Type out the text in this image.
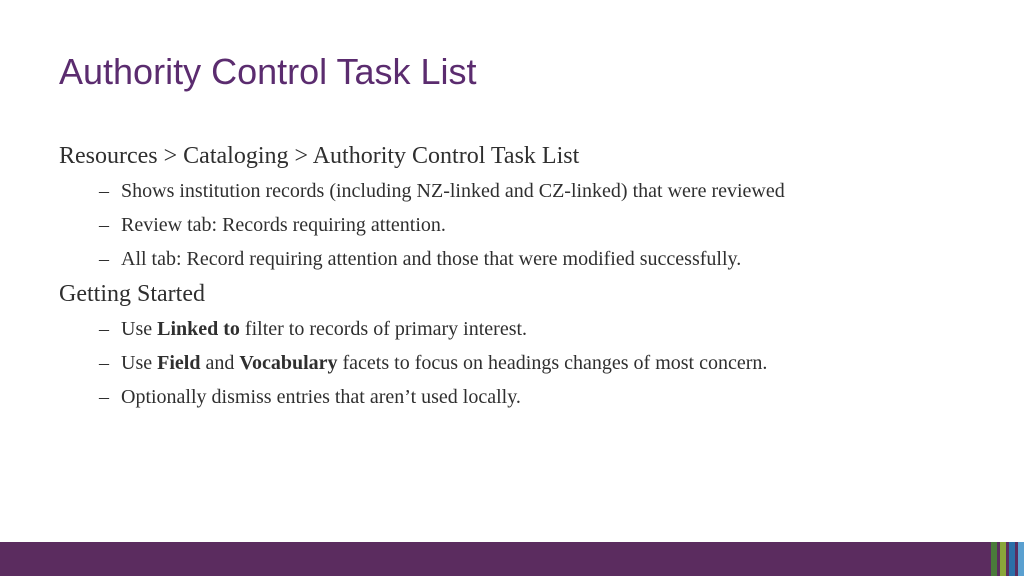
Authority Control Task List
Resources > Cataloging > Authority Control Task List
– Shows institution records (including NZ-linked and CZ-linked) that were reviewed
– Review tab: Records requiring attention.
– All tab: Record requiring attention and those that were modified successfully.
Getting Started
– Use Linked to filter to records of primary interest.
– Use Field and Vocabulary facets to focus on headings changes of most concern.
– Optionally dismiss entries that aren’t used locally.
